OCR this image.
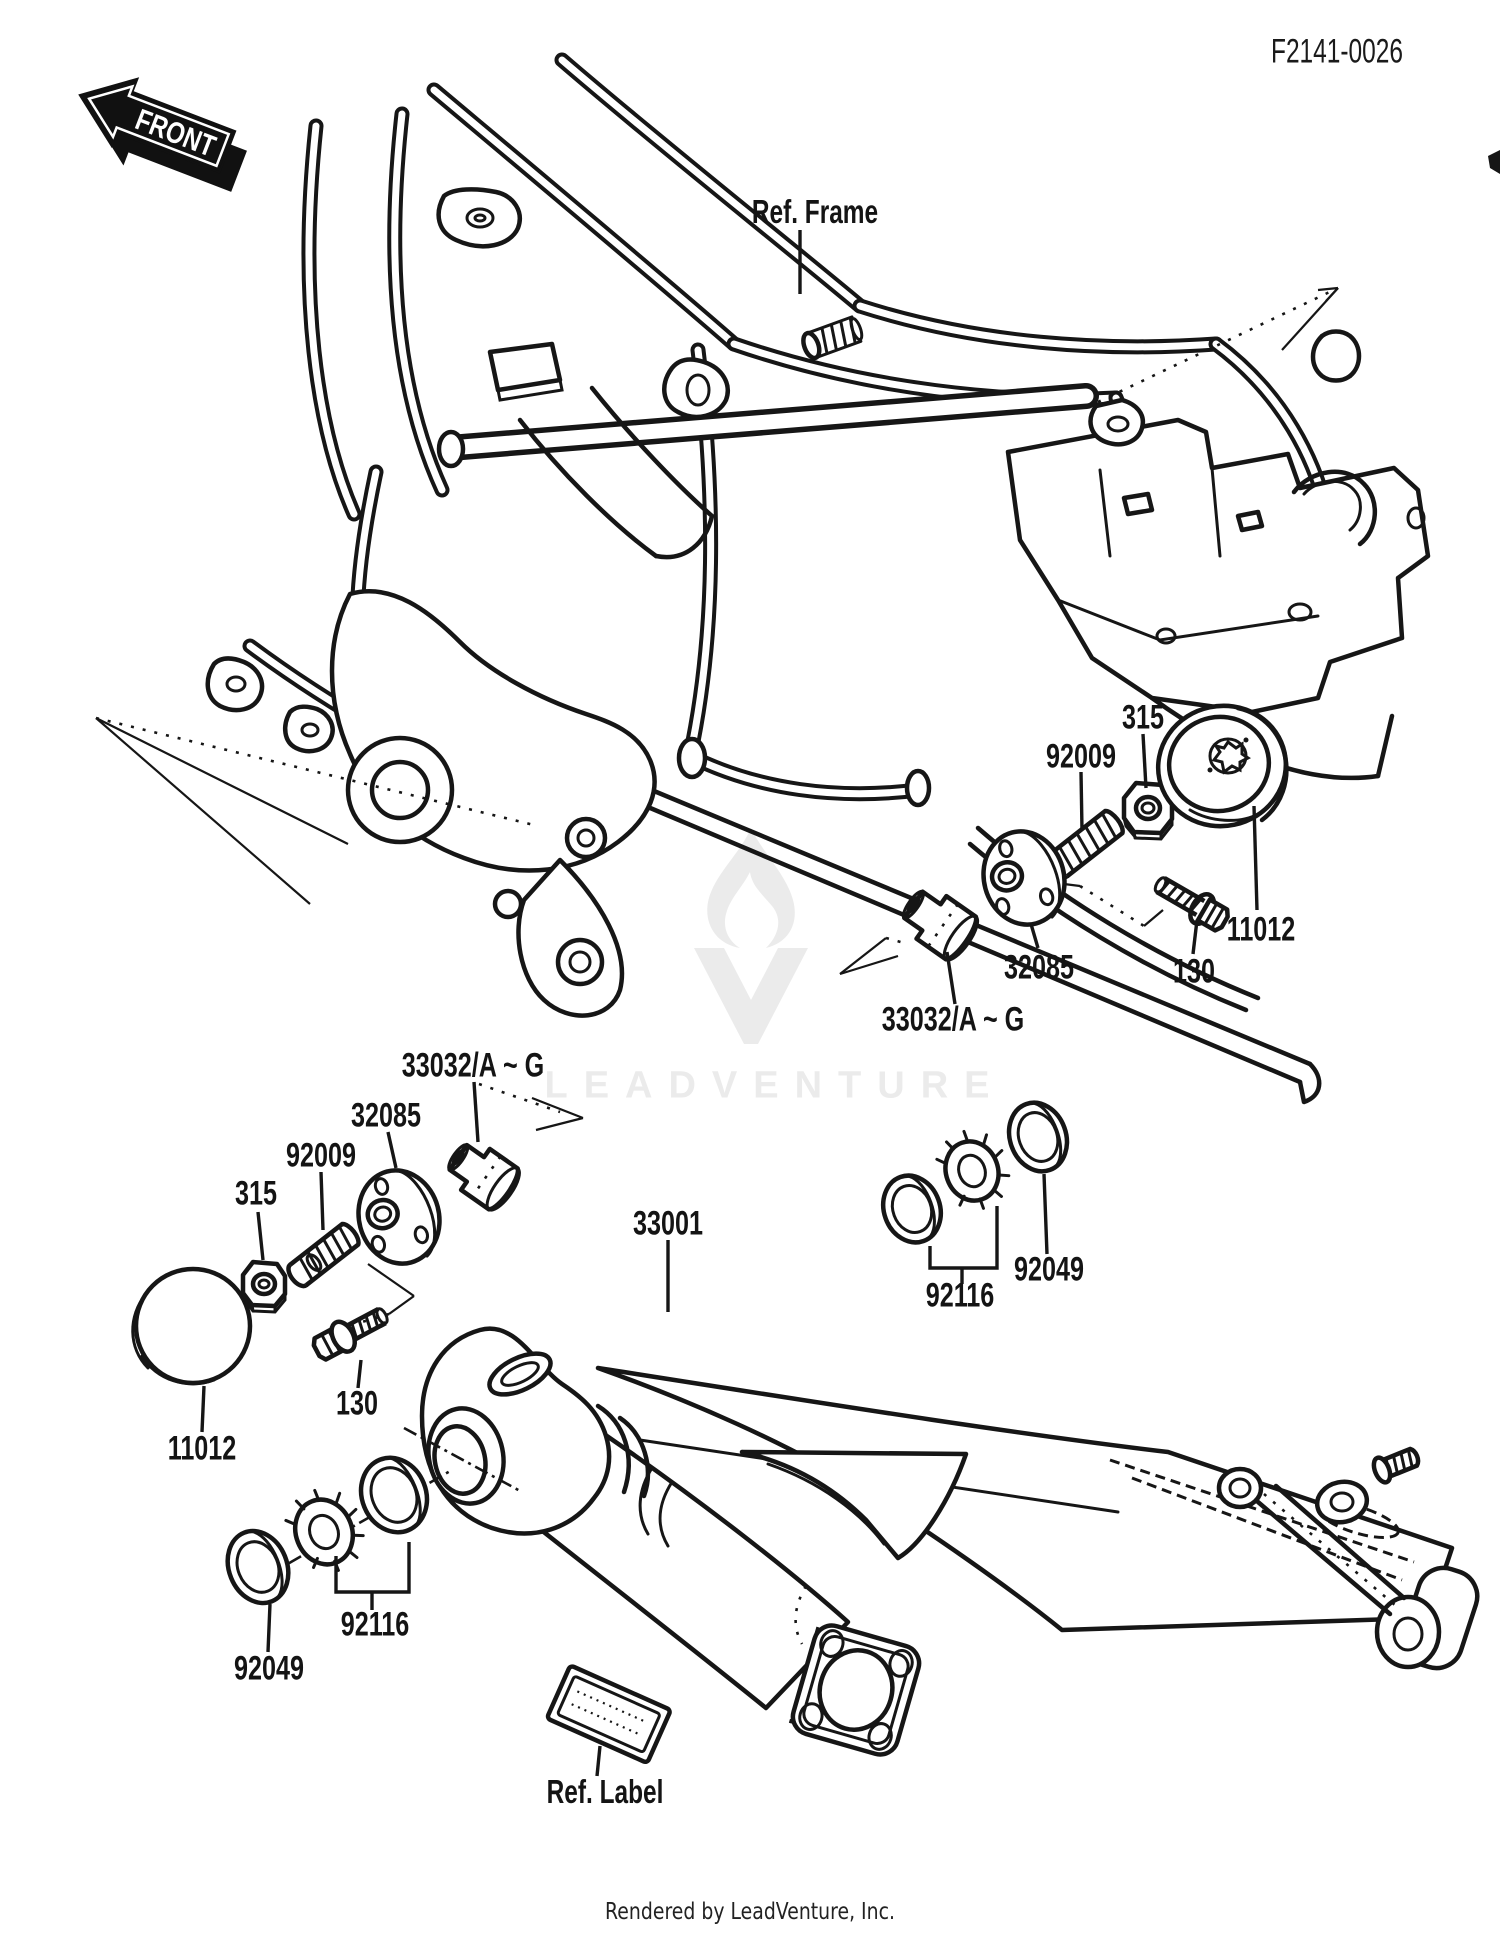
LEADVENTURE
FRONT
F2141-0026
Ref. Frame
315
92009
11012
32085	130
33032/A ~ G
33032/A ~ G
32085
92009
315
33001
92049
92116
130
11012
92116
92049
Ref. Label
Rendered by LeadVenture, Inc.
